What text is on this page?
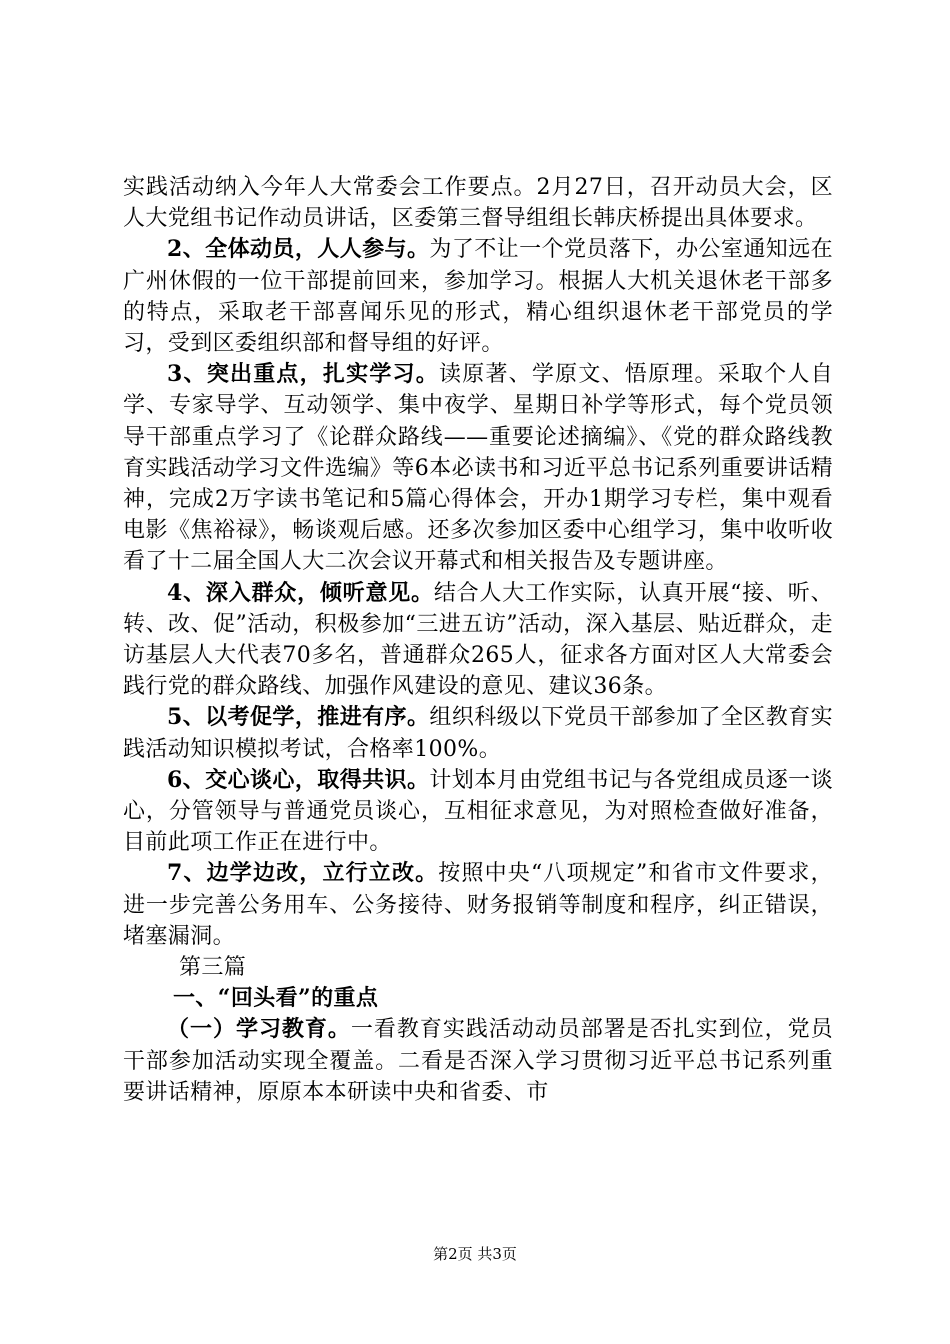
实践活动纳入今年人大常委会工作要点。2月27日，召开动员大会，区人大党组书记作动员讲话，区委第三督导组组长韩庆桥提出具体要求。

2、全体动员，人人参与。为了不让一个党员落下，办公室通知远在广州休假的一位干部提前回来，参加学习。根据人大机关退休老干部多的特点，采取老干部喜闻乐见的形式，精心组织退休老干部党员的学习，受到区委组织部和督导组的好评。

3、突出重点，扎实学习。读原著、学原文、悟原理。采取个人自学、专家导学、互动领学、集中夜学、星期日补学等形式，每个党员领导干部重点学习了《论群众路线——重要论述摘编》、《党的群众路线教育实践活动学习文件选编》等6本必读书和习近平总书记系列重要讲话精神，完成2万字读书笔记和5篇心得体会，开办1期学习专栏，集中观看电影《焦裕禄》，畅谈观后感。还多次参加区委中心组学习，集中收听收看了十二届全国人大二次会议开幕式和相关报告及专题讲座。

4、深入群众，倾听意见。结合人大工作实际，认真开展“接、听、转、改、促”活动，积极参加“三进五访”活动，深入基层、贴近群众，走访基层人大代表70多名，普通群众265人，征求各方面对区人大常委会践行党的群众路线、加强作风建设的意见、建议36条。

5、以考促学，推进有序。组织科级以下党员干部参加了全区教育实践活动知识模拟考试，合格率100%。

6、交心谈心，取得共识。计划本月由党组书记与各党组成员逐一谈心，分管领导与普通党员谈心，互相征求意见，为对照检查做好准备，目前此项工作正在进行中。

7、边学边改，立行立改。按照中央“八项规定”和省市文件要求，进一步完善公务用车、公务接待、财务报销等制度和程序，纠正错误，堵塞漏洞。

第三篇

一、“回头看”的重点

（一）学习教育。一看教育实践活动动员部署是否扎实到位，党员干部参加活动实现全覆盖。二看是否深入学习贯彻习近平总书记系列重要讲话精神，原原本本研读中央和省委、市

第2页 共3页
